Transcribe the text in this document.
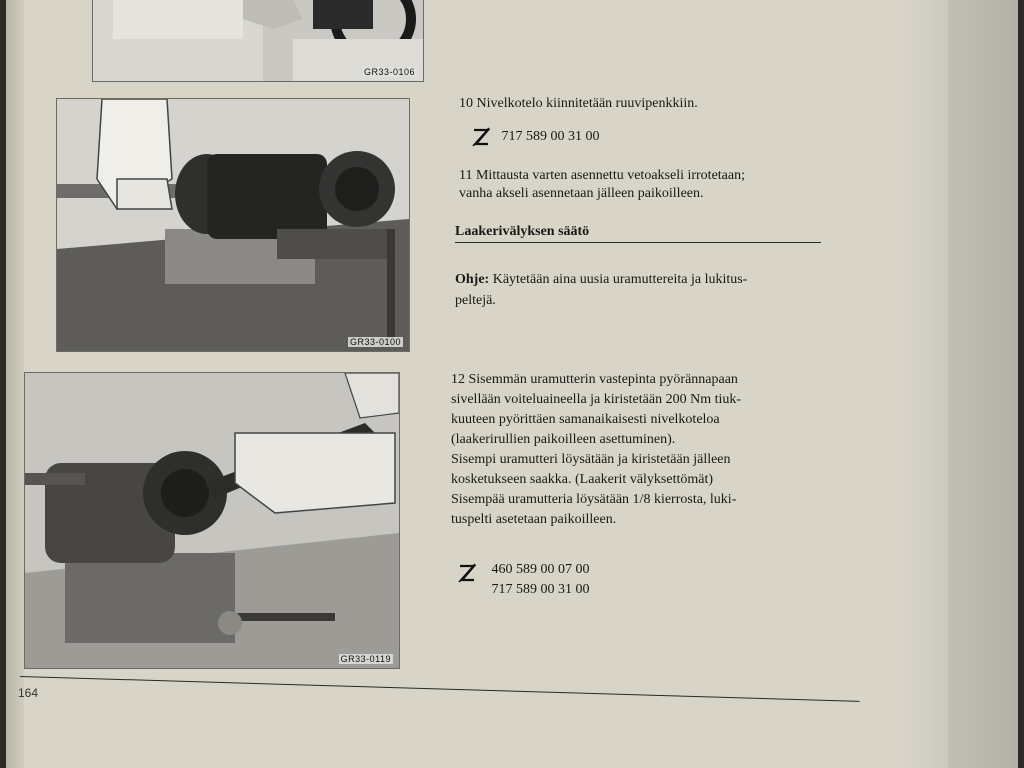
GR33-0106
GR33-0100
GR33-0119
10 Nivelkotelo kiinnitetään ruuvipenkkiin.
717 589 00 31 00
11 Mittausta varten asennettu vetoakseli irrotetaan;
vanha akseli asennetaan jälleen paikoilleen.
Laakerivälyksen säätö
Ohje: Käytetään aina uusia uramuttereita ja lukitus-
peltejä.
12 Sisemmän uramutterin vastepinta pyörännapaan
sivellään voiteluaineella ja kiristetään 200 Nm tiuk-
kuuteen pyörittäen samanaikaisesti nivelkoteloa
(laakerirullien paikoilleen asettuminen).
Sisempi uramutteri löysätään ja kiristetään jälleen
kosketukseen saakka. (Laakerit välyksettömät)
Sisempää uramutteria löysätään 1/8 kierrosta, luki-
tuspelti asetetaan paikoilleen.

460 589 00 07 00
717 589 00 31 00
164
